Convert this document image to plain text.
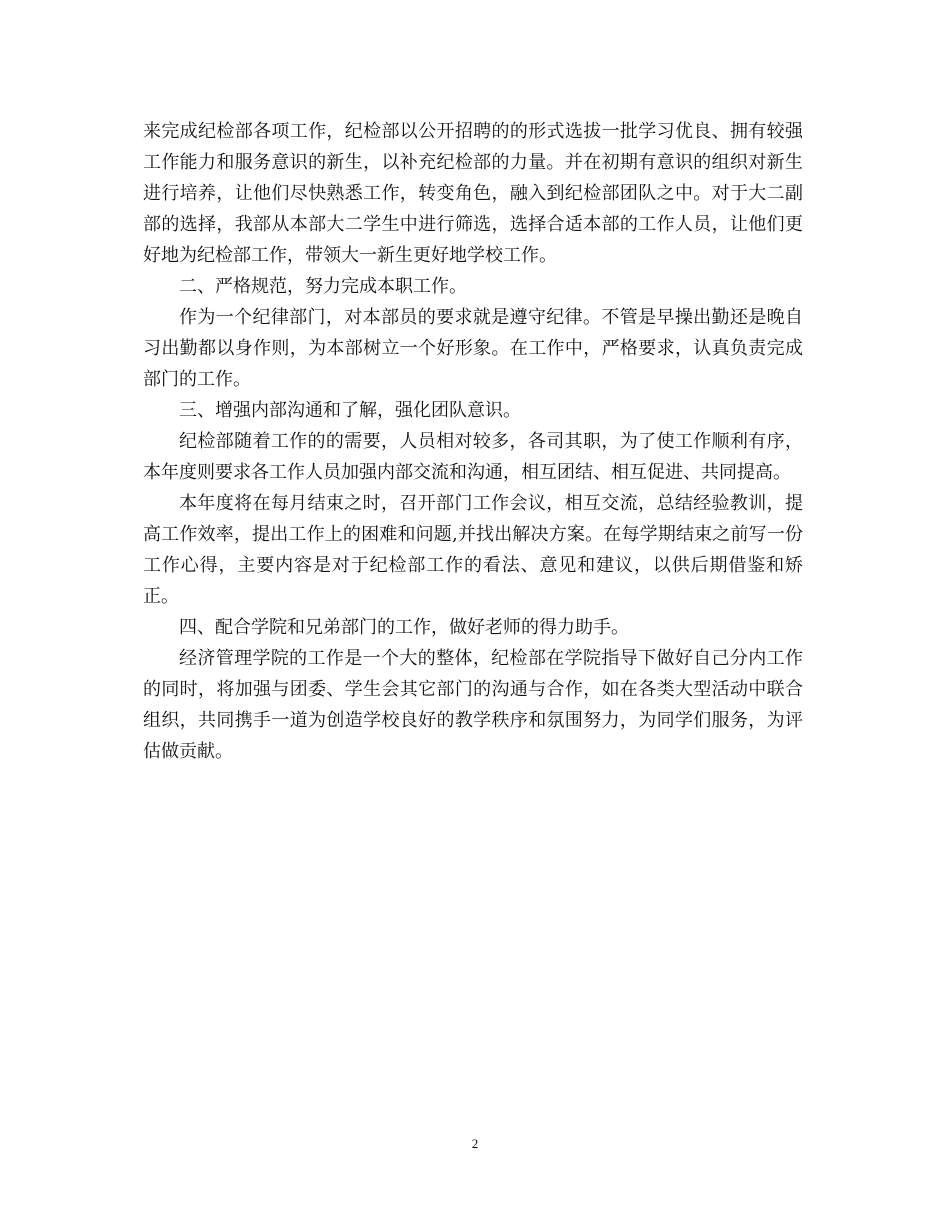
来完成纪检部各项工作，纪检部以公开招聘的的形式选拔一批学习优良、拥有较强工作能力和服务意识的新生，以补充纪检部的力量。并在初期有意识的组织对新生进行培养，让他们尽快熟悉工作，转变角色，融入到纪检部团队之中。对于大二副部的选择，我部从本部大二学生中进行筛选，选择合适本部的工作人员，让他们更好地为纪检部工作，带领大一新生更好地学校工作。

二、严格规范，努力完成本职工作。

作为一个纪律部门，对本部员的要求就是遵守纪律。不管是早操出勤还是晚自习出勤都以身作则，为本部树立一个好形象。在工作中，严格要求，认真负责完成部门的工作。

三、增强内部沟通和了解，强化团队意识。

纪检部随着工作的的需要，人员相对较多，各司其职，为了使工作顺利有序，本年度则要求各工作人员加强内部交流和沟通，相互团结、相互促进、共同提高。

本年度将在每月结束之时，召开部门工作会议，相互交流，总结经验教训，提高工作效率，提出工作上的困难和问题,并找出解决方案。在每学期结束之前写一份工作心得，主要内容是对于纪检部工作的看法、意见和建议，以供后期借鉴和矫正。

四、配合学院和兄弟部门的工作，做好老师的得力助手。

经济管理学院的工作是一个大的整体，纪检部在学院指导下做好自己分内工作的同时，将加强与团委、学生会其它部门的沟通与合作，如在各类大型活动中联合组织，共同携手一道为创造学校良好的教学秩序和氛围努力，为同学们服务，为评估做贡献。

2
